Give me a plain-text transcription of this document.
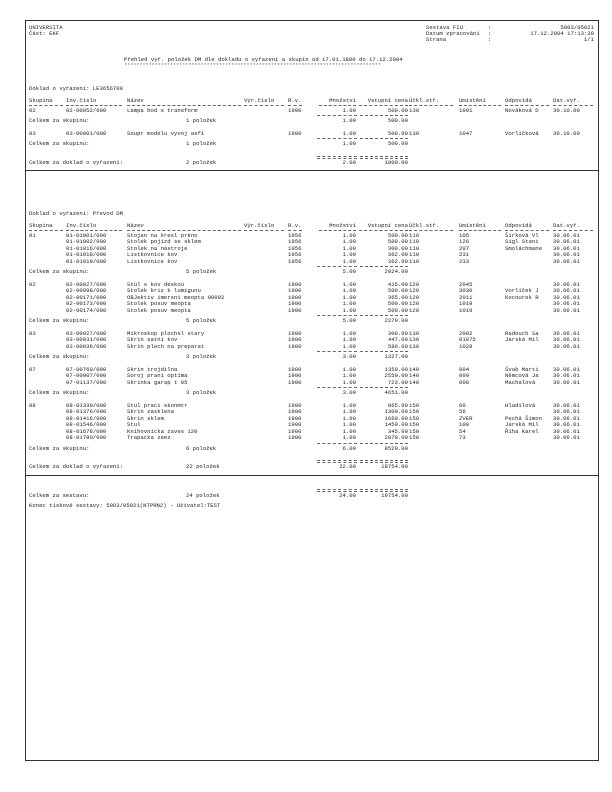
UNIVERSITA
Část: EKF
Sestava FIU	:	5003/05021
Datum zpracování :	17.12.2004 17:13:39
Strana	:	1/1
Přehled vyř. položek DM dle dokladu o vyřazení a skupin od 17.01.1800 do 17.12.2004
************************************************************************************
Doklad o vyřazení: LE3656700
Skupina Inv.číslo	Název	Výr.číslo R.v.	Množství	Vstupní cena Účkl.stř.	Umístění	Odpovídá	Dat.vyř.
02	02-00052/000	Lampa bod s transform	1900	1.00	500.00 130	1001	Nováková D	30.10.00
Celkem za skupinu:	1 položek	1.00	500.00
03	03-00001/000	Soupr modelu vyvoj asfi	1900	1.00	500.00 130	1047	Vorlíčková	30.10.00
Celkem za skupinu:	1 položek	1.00	500.00
Celkem za doklad o vyřazení:	2 položek	2.00	1000.00
Doklad o vyřazení: Převod DM
Skupina Inv.číslo	Název	Výr.číslo R.v.	Množství	Vstupní cena Účkl.stř.	Umístění	Odpovídá	Dat.vyř.
01	01-01001/000	Stojan na kresl prkno	1956	1.00	500.00 110	105	Šírková Vl	30.06.01
01-01002/000	Stolek pojizd se sklem	1956	1.00	500.00 110	126	Sigl Stani	30.06.01
01-01016/000	Stolek na nastroje	1956	1.00	300.00 110	207	Smoláchmane 30.06.01
01-01018/000	Listkovnice kov	1956	1.00	362.00 110	231	30.06.01
01-01019/000	Listkovnice kov	1956	1.00	362.00 110	233	30.06.01
Celkem za skupinu:	5 položek	5.00	2024.00
02	02-00027/000	Stul s kov deskou	1900	1.00	415.00 120	2045	30.06.01
02-00098/000	Stolek kriz k lumigunu	1900	1.00	500.00 120	3030	Vorlíček J	30.06.01
02-00171/000	OBJektiv imersni meopta 00002	1900	1.00	365.00 120	2011	Kocourek R	30.06.01
02-00173/000	Stolek posuv meopta	1900	1.00	500.00 120	1019	30.06.01
02-00174/000	Stolek posuv meopta	1900	1.00	500.00 120	1019	30.06.01
Celkem za skupinu:	5 položek	5.00	2270.00
03	03-00027/000	Mikroskop plochsl stary	1900	1.00	300.00 130	2002	Radouch Sa	30.06.01
03-00031/000	Skrin satni kov	1900	1.00	447.00 130	01075	Jarská Mil	30.06.01
03-00036/000	Skrin plech na preparat	1900	1.00	580.00 130	1028	30.06.01
Celkem za skupinu:	3 položek	3.00	1327.00
07	07-00760/000	Skrin trojdilna	1900	1.00	1350.00 140	004	Švab Marti	30.06.01
07-00907/000	Soroj prani optima	1900	1.00	2550.00 140	009	Němcová Ja	30.06.01
07-01137/000	Skrinka garap t 05	1900	1.00	723.00 140	008	Machalová	30.06.01
Celkem za skupinu:	3 položek	3.00	4651.00
08	08-01330/000	Stul praci skonmtr	1900	1.00	865.00 150	60	Hladilová	30.06.01
08-01376/000	Skrin zasklena	1900	1.00	1300.00 150	56	30.06.01
08-01416/000	Skrin sklem	1900	1.00	1660.00 150	ZVER	Pechá Šimon 30.06.01
08-01546/000	Stul	1900	1.00	1450.00 150	100	Jarská Mil	30.06.01
08-01678/000	Knihovnicka zaves 120	1900	1.00	345.00 150	54	Říha Karel	30.06.01
08-01780/000	Trapacka zeez	1900	1.00	2870.00 150	73	30.06.01
Celkem za skupinu:	6 položek	6.00	8520.00
Celkem za doklad o vyřazení:	22 položek	22.00	18754.00
Celkem za sestavu:	24 položek	24.00	19754.00
Konec tiskové sestavy: 5003/05021(NTPRN2) - Uživatel:TEST
